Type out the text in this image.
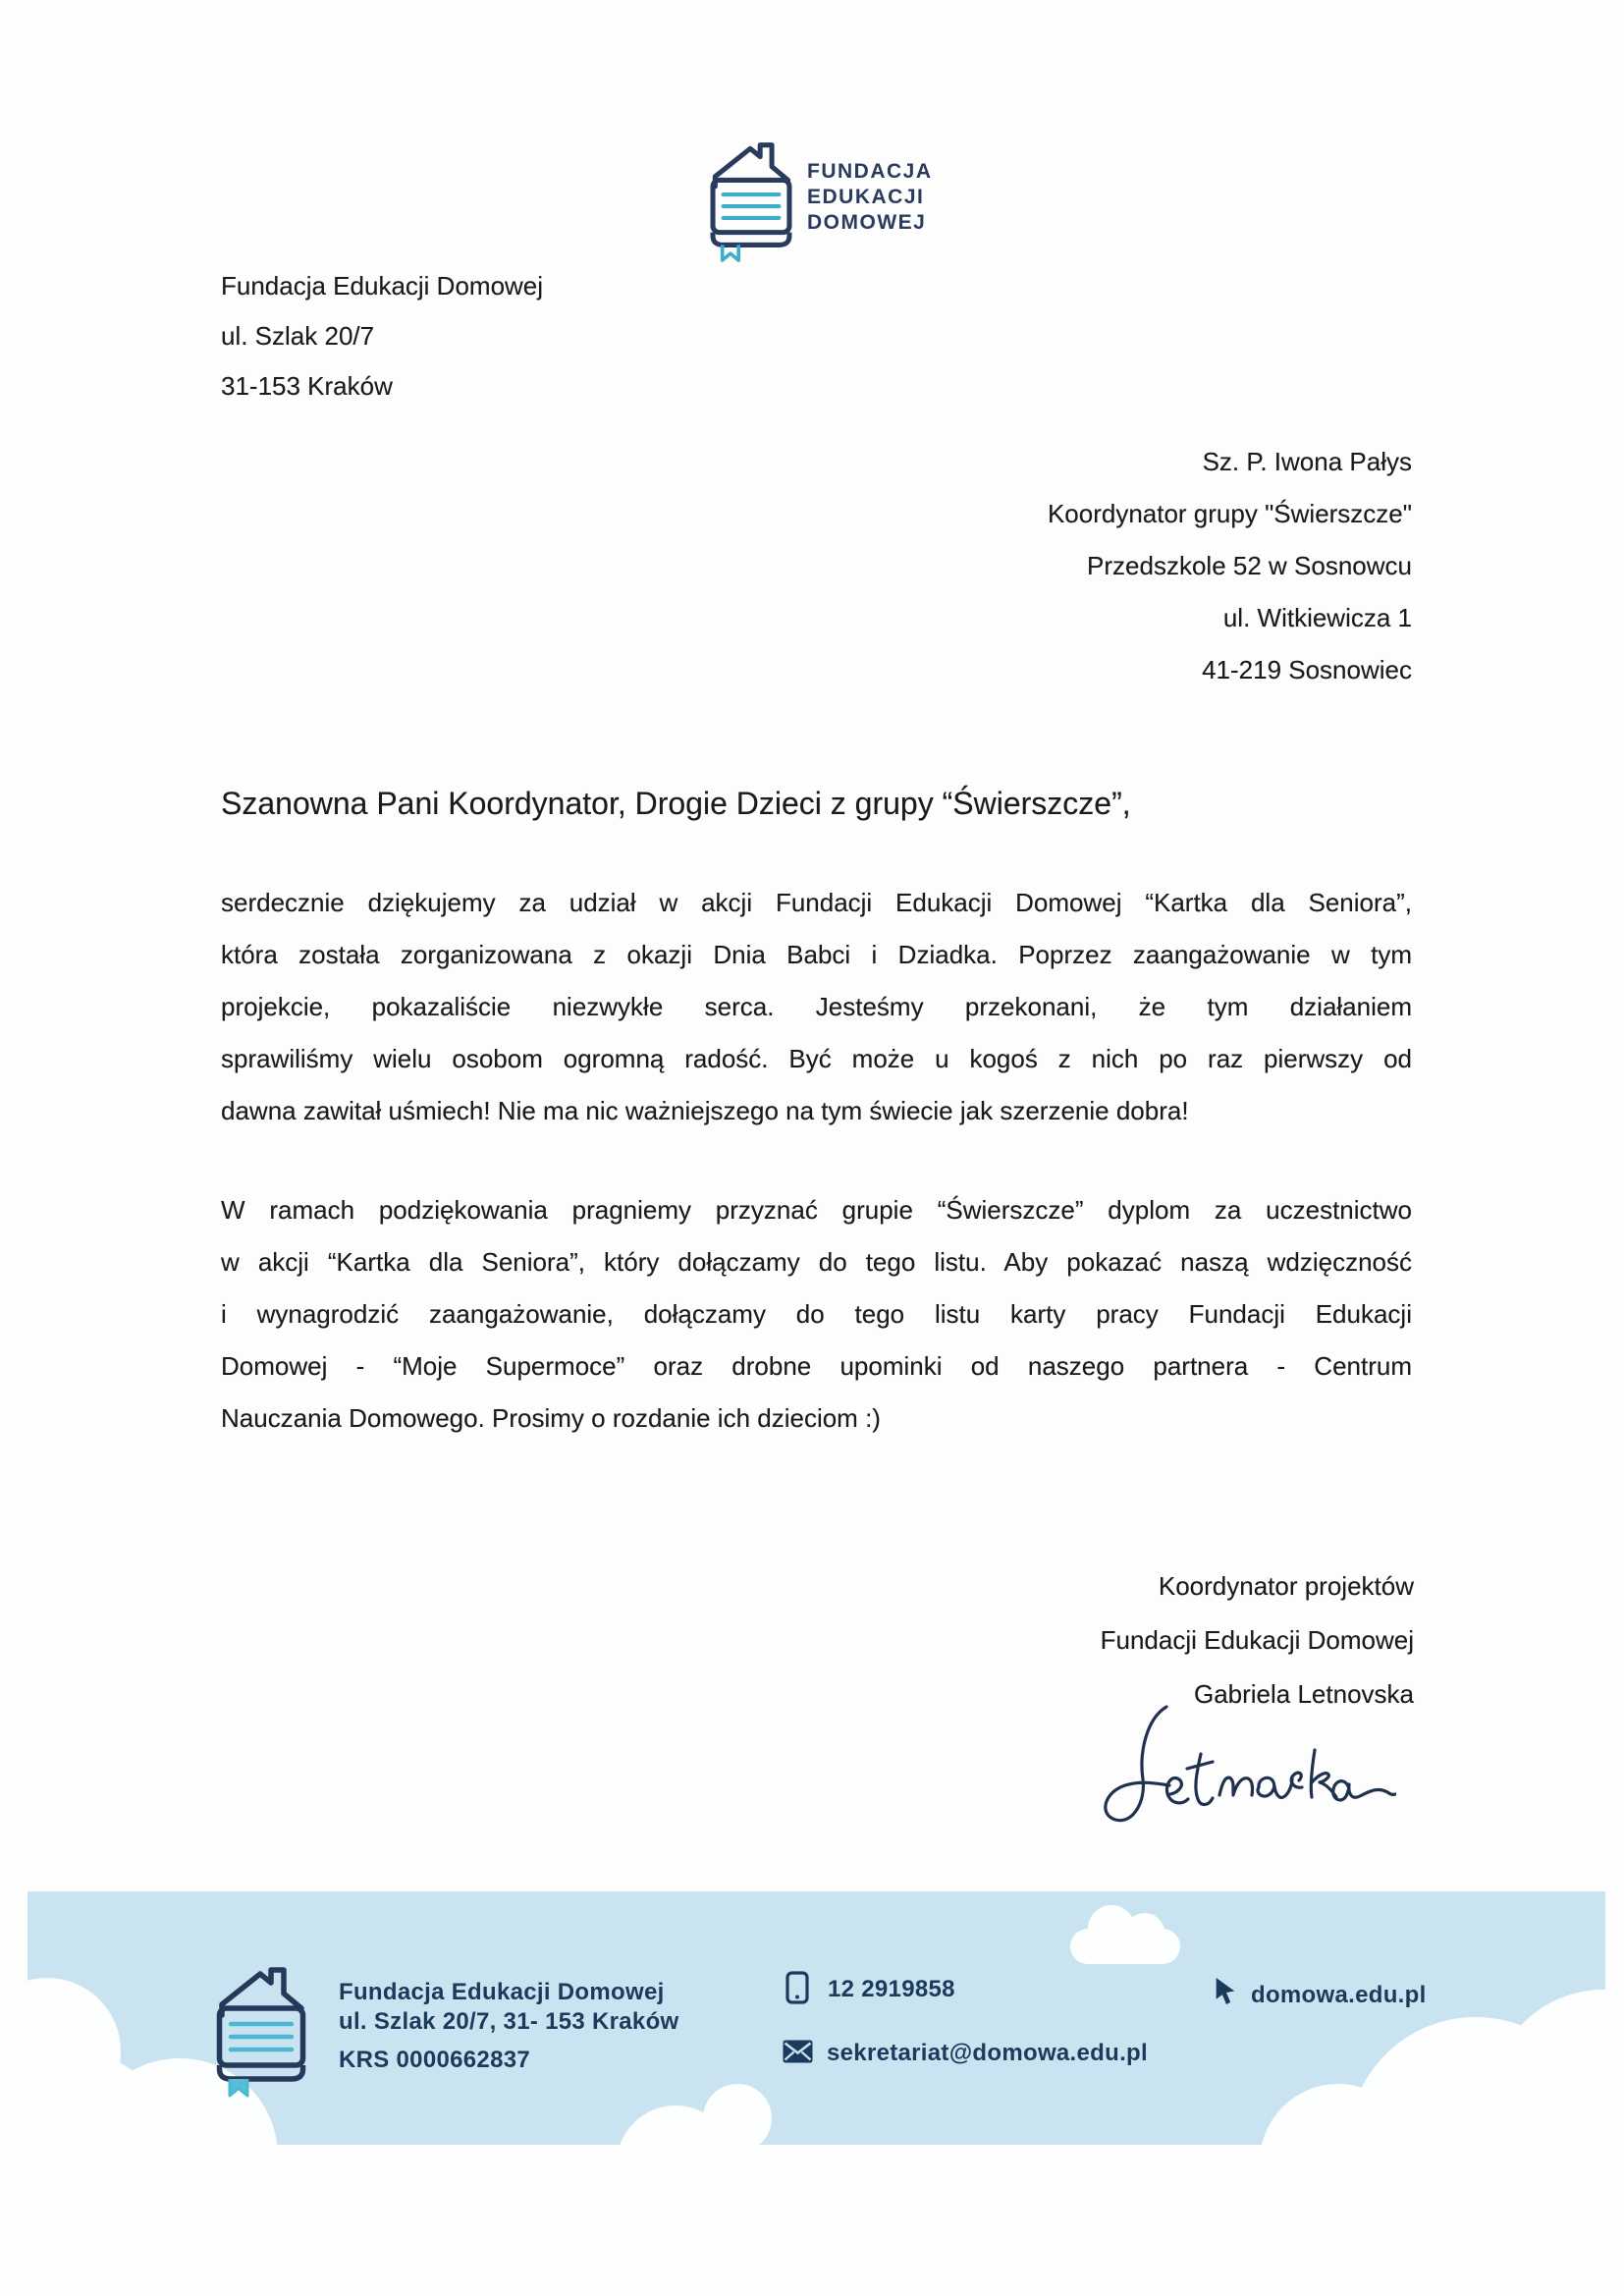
FUNDACJA
EDUKACJI
DOMOWEJ
Fundacja Edukacji Domowej
ul. Szlak 20/7
31-153 Kraków
Sz. P. Iwona Pałys
Koordynator grupy "Świerszcze"
Przedszkole 52 w Sosnowcu
ul. Witkiewicza 1
41-219 Sosnowiec
Szanowna Pani Koordynator, Drogie Dzieci z grupy “Świerszcze”,
serdecznie dziękujemy za udział w akcji Fundacji Edukacji Domowej “Kartka dla Seniora”,
która została zorganizowana z okazji Dnia Babci i Dziadka. Poprzez zaangażowanie w tym
projekcie, pokazaliście niezwykłe serca. Jesteśmy przekonani, że tym działaniem
sprawiliśmy wielu osobom ogromną radość. Być może u kogoś z nich po raz pierwszy od
dawna zawitał uśmiech! Nie ma nic ważniejszego na tym świecie jak szerzenie dobra!
W ramach podziękowania pragniemy przyznać grupie “Świerszcze” dyplom za uczestnictwo
w akcji “Kartka dla Seniora”, który dołączamy do tego listu. Aby pokazać naszą wdzięczność
i wynagrodzić zaangażowanie, dołączamy do tego listu karty pracy Fundacji Edukacji
Domowej - “Moje Supermoce” oraz drobne upominki od naszego partnera - Centrum
Nauczania Domowego. Prosimy o rozdanie ich dzieciom :)
Koordynator projektów
Fundacji Edukacji Domowej
Gabriela Letnovska
Fundacja Edukacji Domowej
ul. Szlak 20/7, 31- 153 Kraków
KRS 0000662837
12 2919858
sekretariat@domowa.edu.pl
domowa.edu.pl
